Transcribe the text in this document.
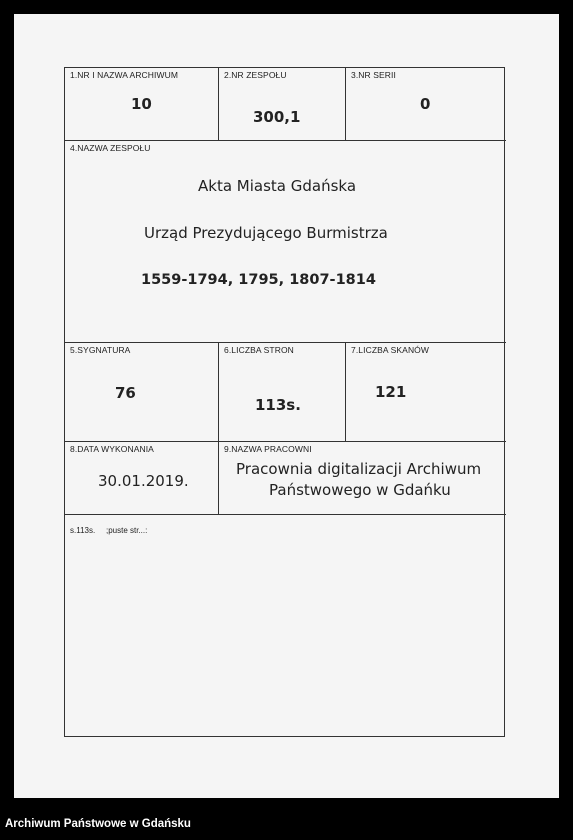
1.NR I NAZWA ARCHIWUM
10
2.NR ZESPOŁU
300,1
3.NR SERII
0
4.NAZWA ZESPOŁU
Akta Miasta Gdańska
Urząd Prezydującego Burmistrza
1559-1794, 1795, 1807-1814
5.SYGNATURA
76
6.LICZBA STRON
113s.
7.LICZBA SKANÓW
121
8.DATA WYKONANIA
30.01.2019.
9.NAZWA PRACOWNI
Pracownia digitalizacji Archiwum
Państwowego w Gdańku
s.113s. ;puste str...:
Archiwum Państwowe w Gdańsku
